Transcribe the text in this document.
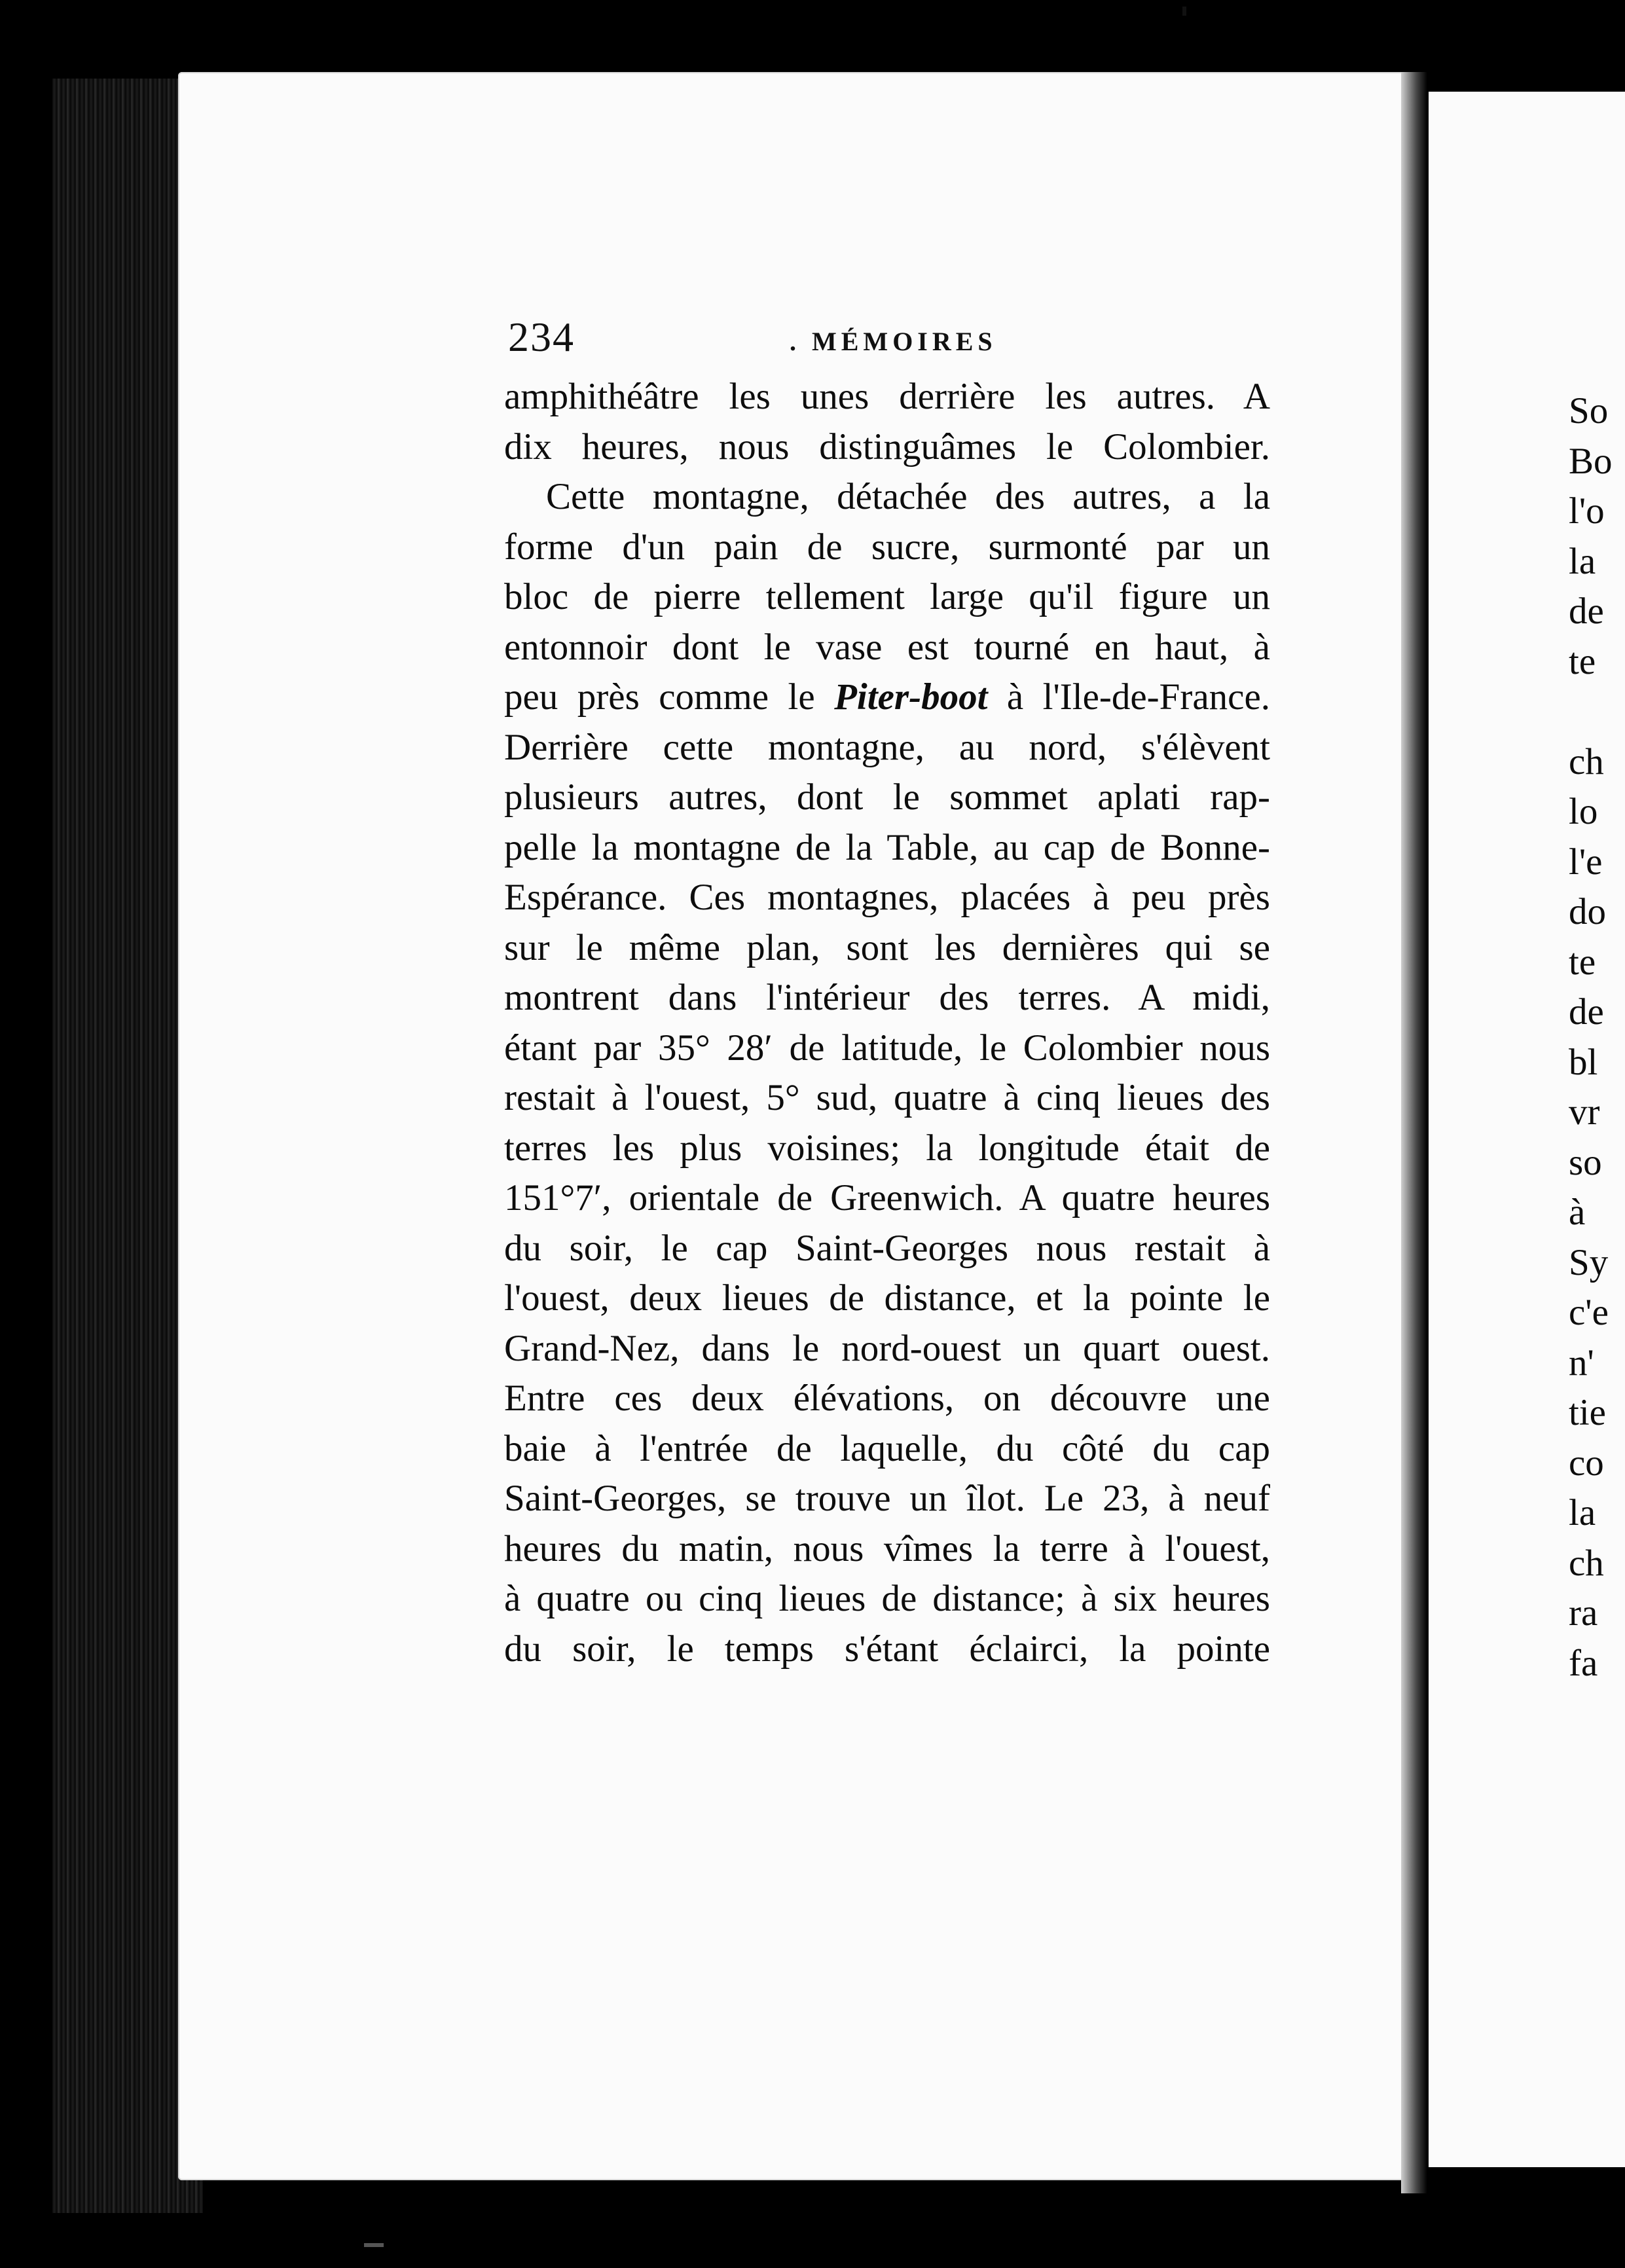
234	. MÉMOIRES
amphithéâtre les unes derrière les autres. A
dix heures, nous distinguâmes le Colombier.
Cette montagne, détachée des autres, a la
forme d'un pain de sucre, surmonté par un
bloc de pierre tellement large qu'il figure un
entonnoir dont le vase est tourné en haut, à
peu près comme le Piter-boot à l'Ile-de-France.
Derrière cette montagne, au nord, s'élèvent
plusieurs autres, dont le sommet aplati rap-
pelle la montagne de la Table, au cap de Bonne-
Espérance. Ces montagnes, placées à peu près
sur le même plan, sont les dernières qui se
montrent dans l'intérieur des terres. A midi,
étant par 35° 28′ de latitude, le Colombier nous
restait à l'ouest, 5° sud, quatre à cinq lieues des
terres les plus voisines; la longitude était de
151°7′, orientale de Greenwich. A quatre heures
du soir, le cap Saint-Georges nous restait à
l'ouest, deux lieues de distance, et la pointe le
Grand-Nez, dans le nord-ouest un quart ouest.
Entre ces deux élévations, on découvre une
baie à l'entrée de laquelle, du côté du cap
Saint-Georges, se trouve un îlot. Le 23, à neuf
heures du matin, nous vîmes la terre à l'ouest,
à quatre ou cinq lieues de distance; à six heures
du soir, le temps s'étant éclairci, la pointe
So
Bo
l'o
la
de
te
ch
lo
l'e
do
te
de
bl
vr
so
à
Sy
c'e
n'
tie
co
la
ch
ra
fa
